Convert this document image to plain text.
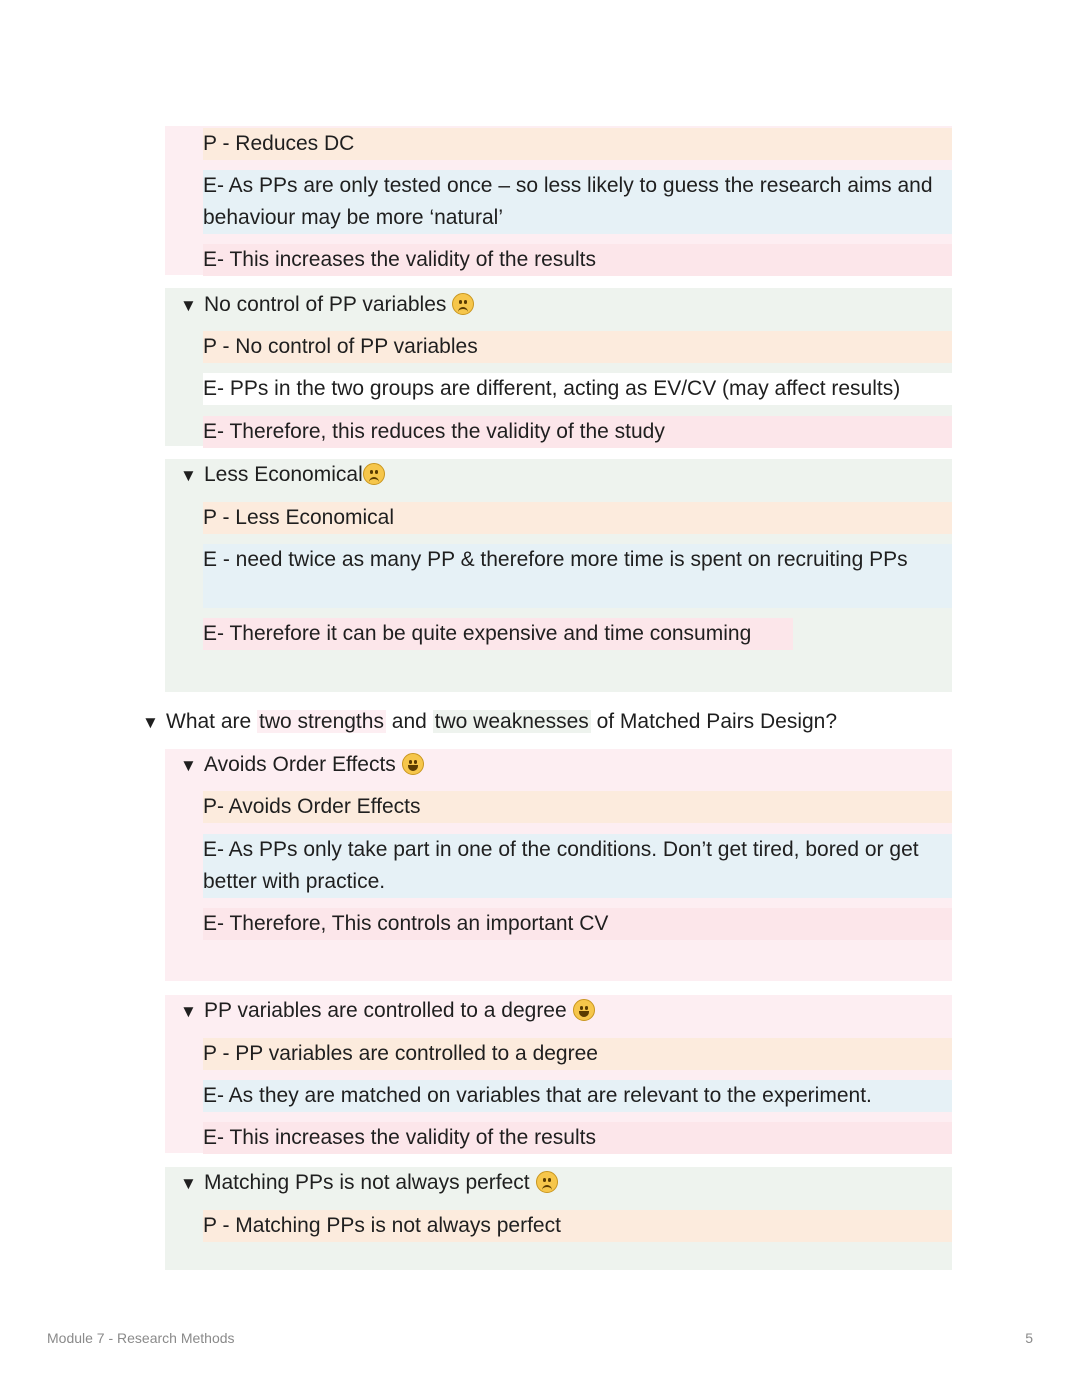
P - Reduces DC
E- As PPs are only tested once – so less likely to guess the research aims and behaviour may be more ‘natural’
E- This increases the validity of the results
▼ No control of PP variables
P - No control of PP variables
E- PPs in the two groups are different, acting as EV/CV (may affect results)
E- Therefore, this reduces the validity of the study
▼ Less Economical
P - Less Economical
E - need twice as many PP & therefore more time is spent on recruiting PPs
E- Therefore it can be quite expensive and time consuming
▼ What are two strengths and two weaknesses of Matched Pairs Design?
▼ Avoids Order Effects
P- Avoids Order Effects
E- As PPs only take part in one of the conditions. Don’t get tired, bored or get better with practice.
E- Therefore, This controls an important CV
▼ PP variables are controlled to a degree
P - PP variables are controlled to a degree
E- As they are matched on variables that are relevant to the experiment.
E- This increases the validity of the results
▼ Matching PPs is not always perfect
P - Matching PPs is not always perfect
Module 7 - Research Methods	5
